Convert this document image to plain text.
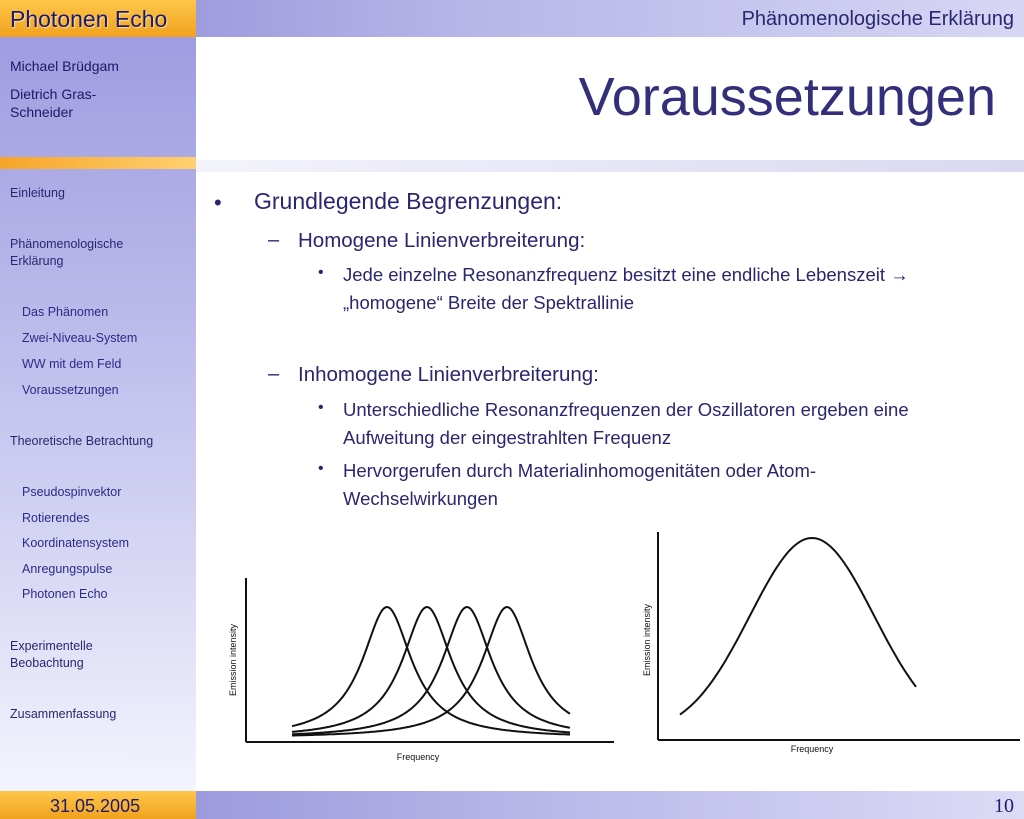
Phänomenologische Erklärung
Photonen Echo
Michael Brüdgam
Dietrich Gras-Schneider
Einleitung
Phänomenologische Erklärung
Das Phänomen
Zwei-Niveau-System
WW mit dem Feld
Voraussetzungen
Theoretische Betrachtung
Pseudospinvektor
Rotierendes
Koordinatensystem
Anregungspulse
Photonen Echo
Experimentelle Beobachtung
Zusammenfassung
10
31.05.2005
Voraussetzungen
• Grundlegende Begrenzungen:
– Homogene Linienverbreiterung:
• Jede einzelne Resonanzfrequenz besitzt eine endliche Lebenszeit → „homogene“ Breite der Spektrallinie
– Inhomogene Linienverbreiterung:
• Unterschiedliche Resonanzfrequenzen der Oszillatoren ergeben eine Aufweitung der eingestrahlten Frequenz
• Hervorgerufen durch Materialinhomogenitäten oder Atom-Wechselwirkungen
Frequency
Emission intensity
Frequency
Emission intensity
